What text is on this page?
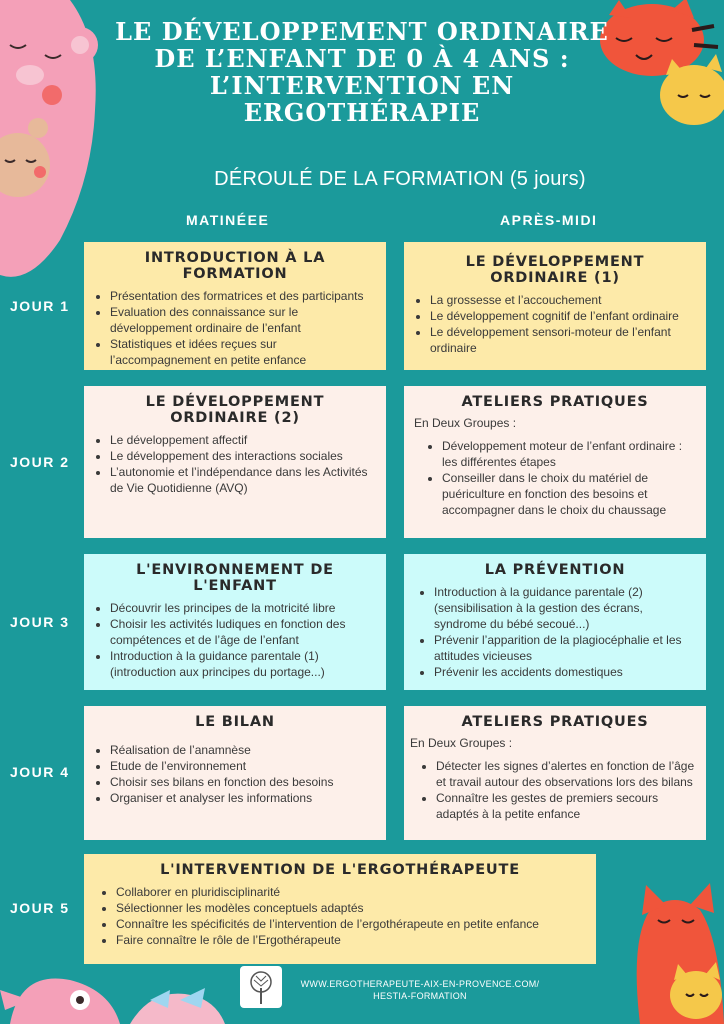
LE DÉVELOPPEMENT ORDINAIRE DE L’ENFANT DE 0 À 4 ANS : L’INTERVENTION EN ERGOTHÉRAPIE
DÉROULÉ DE LA FORMATION (5 jours)
MATINÉEE	APRÈS-MIDI
JOUR 1
INTRODUCTION À LA FORMATION
• Présentation des formatrices et des participants
• Evaluation des connaissance sur le développement ordinaire de l’enfant
• Statistiques et idées reçues sur l’accompagnement en petite enfance
LE DÉVELOPPEMENT ORDINAIRE (1)
• La grossesse et l’accouchement
• Le développement cognitif de l’enfant ordinaire
• Le développement sensori-moteur de l’enfant ordinaire
JOUR 2
LE DÉVELOPPEMENT ORDINAIRE (2)
• Le développement affectif
• Le développement des interactions sociales
• L’autonomie et l’indépendance dans les Activités de Vie Quotidienne (AVQ)
ATELIERS PRATIQUES

En Deux Groupes :

• Développement moteur de l’enfant ordinaire : les différentes étapes
• Conseiller dans le choix du matériel de puériculture en fonction des besoins et accompagner dans le choix du chaussage
JOUR 3
L'ENVIRONNEMENT DE L'ENFANT
• Découvrir les principes de la motricité libre
• Choisir les activités ludiques en fonction des compétences et de l’âge de l’enfant
• Introduction à la guidance parentale (1) (introduction aux principes du portage...)
LA PRÉVENTION
• Introduction à la guidance parentale (2) (sensibilisation à la gestion des écrans, syndrome du bébé secoué...)
• Prévenir l’apparition de la plagiocéphalie et les attitudes vicieuses
• Prévenir les accidents domestiques
JOUR 4
LE BILAN
• Réalisation de l’anamnèse
• Etude de l’environnement
• Choisir ses bilans en fonction des besoins
• Organiser et analyser les informations
ATELIERS PRATIQUES

En Deux Groupes :

• Détecter les signes d’alertes en fonction de l’âge et travail autour des observations lors des bilans
• Connaître les gestes de premiers secours adaptés à la petite enfance
JOUR 5
L'INTERVENTION DE L'ERGOTHÉRAPEUTE
• Collaborer en pluridisciplinarité
• Sélectionner les modèles conceptuels adaptés
• Connaître les spécificités de l’intervention de l’ergothérapeute en petite enfance
• Faire connaître le rôle de l’Ergothérapeute
WWW.ERGOTHERAPEUTE-AIX-EN-PROVENCE.COM/
HESTIA-FORMATION
